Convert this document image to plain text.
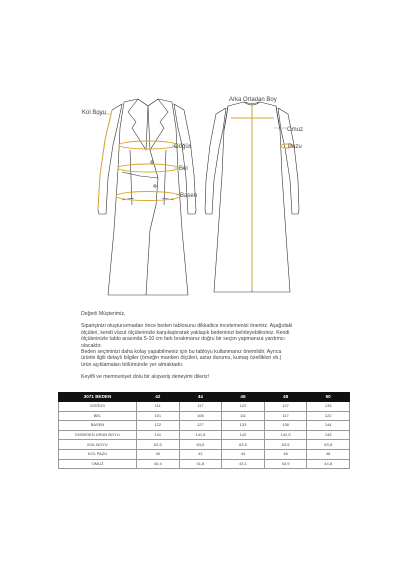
Kol Boyu
Göğüs
Bel
Basen
Arka Ortadan Boy
Omuz
Pazu

Değerli Müşterimiz,

Siparişinizi oluştururmadan önce beden tablosunu dikkatlice incelemenizi öneririz. Aşağıdaki

ölçüleri, kendi vücut ölçülerinizle karşılaştırarak yaklaşık bedeninizi belirleyebilirsiniz. Kendi

ölçülerinizle tablo arasında 5-10 cm fark bırakmanız doğru bir seçim yapmanıza yardımcı

olacaktır.

Beden seçiminizi daha kolay yapabilmeniz için bu tabloyu kullanmanız önemlidir. Ayrıca

ürünle ilgili detaylı bilgiler (örneğin manken ölçüleri, astar durumu, kumaş özellikleri vb.)

ürün açıklamaları bölümünde yer almaktadır.

Keyifli ve memnuniyet dolu bir alışveriş deneyimi dileriz!

3071 BEDEN	42	44	46	48	50
GÖĞÜS	111	117	122	127	133
BEL	101	106	111	117	122
BASEN	122	127	133	138	144
ENSEDEN ÜRÜN BOYU	141	141,5	142	142,5	143
KOL BOYU	63,5	63,5	63,5	63,5	63,5
KOL PAZU	40	42	44	46	48
OMUZ	40,4	41,8	43,1	43,9	44,8
